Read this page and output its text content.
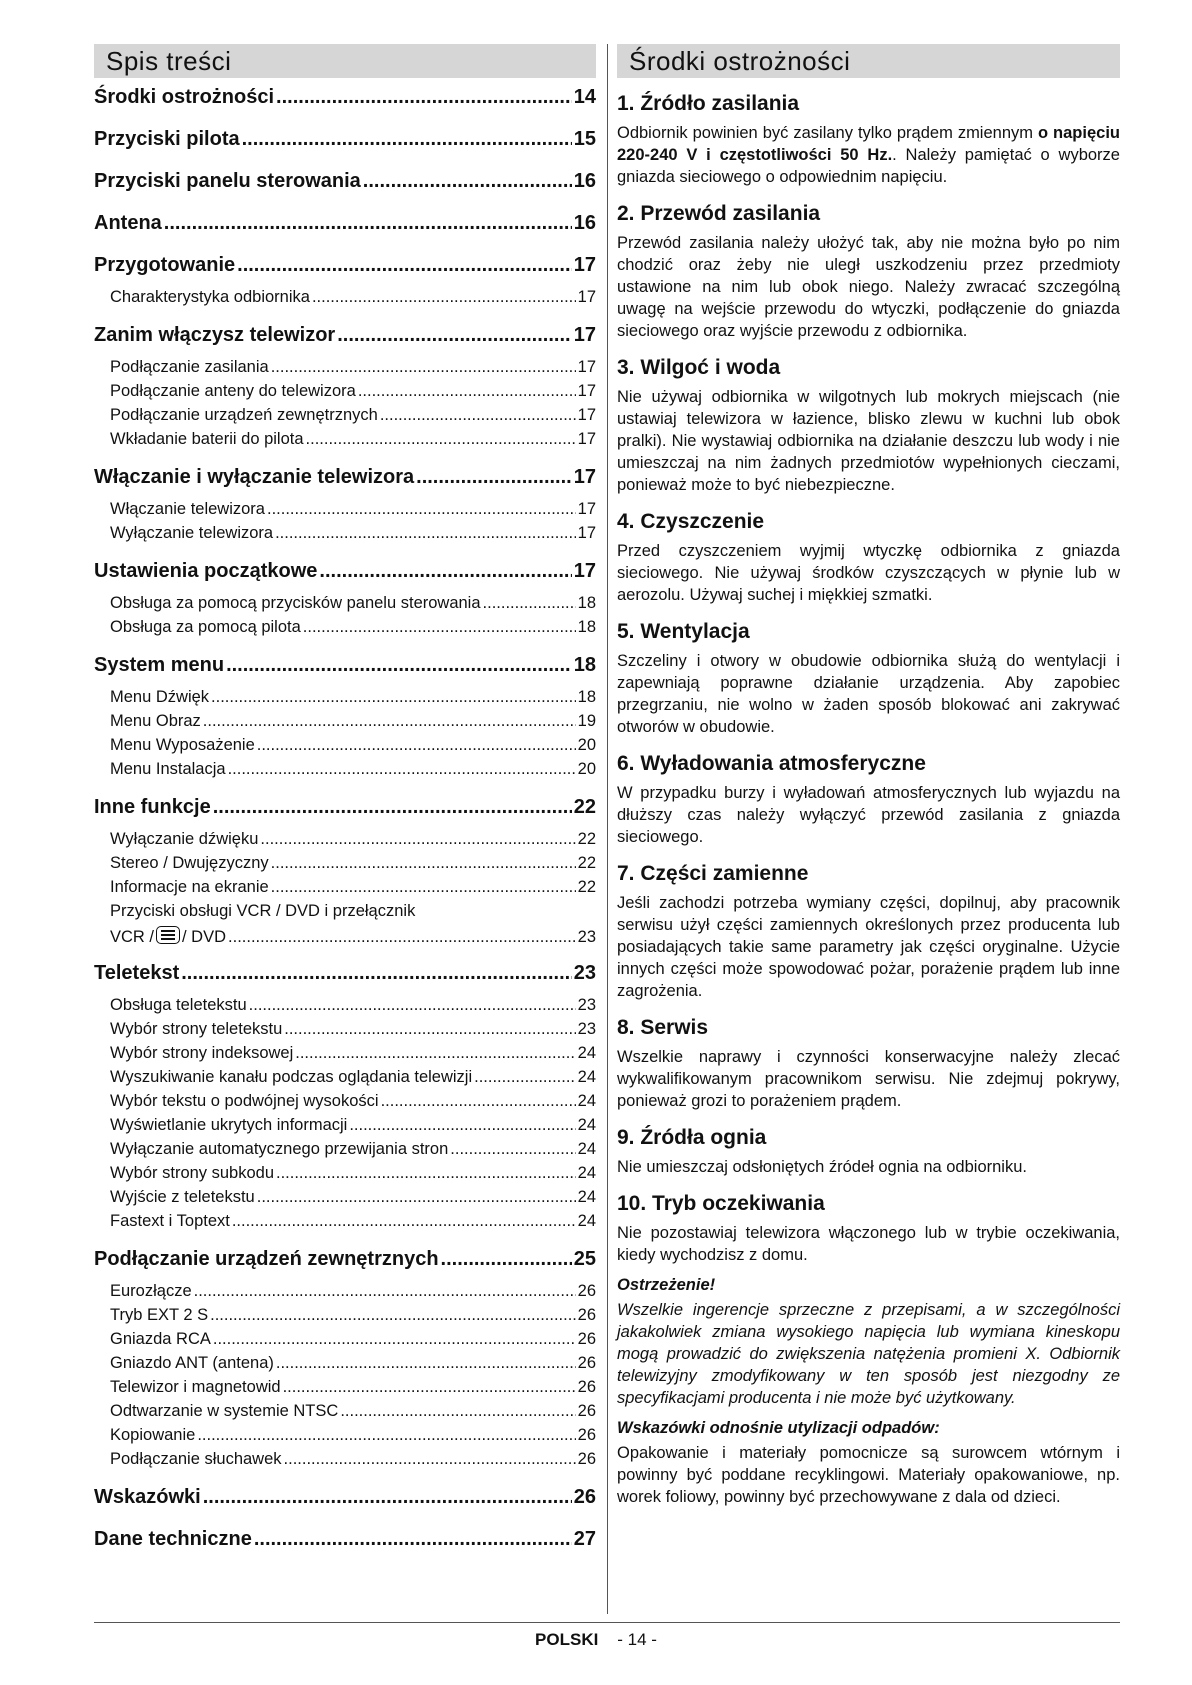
Spis treści
Środki ostrożności .....	14
Przyciski pilota .....	15
Przyciski panelu sterowania .....	16
Antena .....	16
Przygotowanie .....	17
Charakterystyka odbiornika .....	17
Zanim włączysz telewizor .....	17
Podłączanie zasilania .....	17
Podłączanie anteny do telewizora .....	17
Podłączanie urządzeń zewnętrznych .....	17
Wkładanie baterii do pilota .....	17
Włączanie i wyłączanie telewizora .....	17
Włączanie telewizora .....	17
Wyłączanie telewizora .....	17
Ustawienia początkowe .....	17
Obsługa za pomocą przycisków panelu sterowania .....	18
Obsługa za pomocą pilota .....	18
System menu .....	18
Menu Dźwięk .....	18
Menu Obraz .....	19
Menu Wyposażenie .....	20
Menu Instalacja .....	20
Inne funkcje .....	22
Wyłączanie dźwięku .....	22
Stereo / Dwujęzyczny .....	22
Informacje na ekranie .....	22
Przyciski obsługi VCR / DVD i przełącznik
VCR / / DVD .....	23
Teletekst .....	23
Obsługa teletekstu .....	23
Wybór strony teletekstu .....	23
Wybór strony indeksowej .....	24
Wyszukiwanie kanału podczas oglądania telewizji .....	24
Wybór tekstu o podwójnej wysokości .....	24
Wyświetlanie ukrytych informacji .....	24
Wyłączanie automatycznego przewijania stron .....	24
Wybór strony subkodu .....	24
Wyjście z teletekstu .....	24
Fastext i Toptext .....	24
Podłączanie urządzeń zewnętrznych .....	25
Eurozłącze .....	26
Tryb EXT 2 S .....	26
Gniazda RCA .....	26
Gniazdo ANT (antena) .....	26
Telewizor i magnetowid .....	26
Odtwarzanie w systemie NTSC .....	26
Kopiowanie .....	26
Podłączanie słuchawek .....	26
Wskazówki .....	26
Dane techniczne .....	27
Środki ostrożności
1. Źródło zasilania

Odbiornik powinien być zasilany tylko prądem zmiennym o napięciu 220-240 V i częstotliwości 50 Hz.. Należy pamiętać o wyborze gniazda sieciowego o odpowiednim napięciu.

2. Przewód zasilania

Przewód zasilania należy ułożyć tak, aby nie można było po nim chodzić oraz żeby nie uległ uszkodzeniu przez przedmioty ustawione na nim lub obok niego. Należy zwracać szczególną uwagę na wejście przewodu do wtyczki, podłączenie do gniazda sieciowego oraz wyjście przewodu z odbiornika.

3. Wilgoć i woda

Nie używaj odbiornika w wilgotnych lub mokrych miejscach (nie ustawiaj telewizora w łazience, blisko zlewu w kuchni lub obok pralki). Nie wystawiaj odbiornika na działanie deszczu lub wody i nie umieszczaj na nim żadnych przedmiotów wypełnionych cieczami, ponieważ może to być niebezpieczne.

4. Czyszczenie

Przed czyszczeniem wyjmij wtyczkę odbiornika z gniazda sieciowego. Nie używaj środków czyszczących w płynie lub w aerozolu. Używaj suchej i miękkiej szmatki.

5. Wentylacja

Szczeliny i otwory w obudowie odbiornika służą do wentylacji i zapewniają poprawne działanie urządzenia. Aby zapobiec przegrzaniu, nie wolno w żaden sposób blokować ani zakrywać otworów w obudowie.

6. Wyładowania atmosferyczne

W przypadku burzy i wyładowań atmosferycznych lub wyjazdu na dłuższy czas należy wyłączyć przewód zasilania z gniazda sieciowego.

7. Części zamienne

Jeśli zachodzi potrzeba wymiany części, dopilnuj, aby pracownik serwisu użył części zamiennych określonych przez producenta lub posiadających takie same parametry jak części oryginalne. Użycie innych części może spowodować pożar, porażenie prądem lub inne zagrożenia.

8. Serwis

Wszelkie naprawy i czynności konserwacyjne należy zlecać wykwalifikowanym pracownikom serwisu. Nie zdejmuj pokrywy, ponieważ grozi to porażeniem prądem.

9. Źródła ognia

Nie umieszczaj odsłoniętych źródeł ognia na odbiorniku.

10. Tryb oczekiwania

Nie pozostawiaj telewizora włączonego lub w trybie oczekiwania, kiedy wychodzisz z domu.

Ostrzeżenie!

Wszelkie ingerencje sprzeczne z przepisami, a w szczególności jakakolwiek zmiana wysokiego napięcia lub wymiana kineskopu mogą prowadzić do zwiększenia natężenia promieni X. Odbiornik telewizyjny zmodyfikowany w ten sposób jest niezgodny ze specyfikacjami producenta i nie może być użytkowany.

Wskazówki odnośnie utylizacji odpadów:

Opakowanie i materiały pomocnicze są surowcem wtórnym i powinny być poddane recyklingowi. Materiały opakowaniowe, np. worek foliowy, powinny być przechowywane z dala od dzieci.

POLSKI - 14 -
